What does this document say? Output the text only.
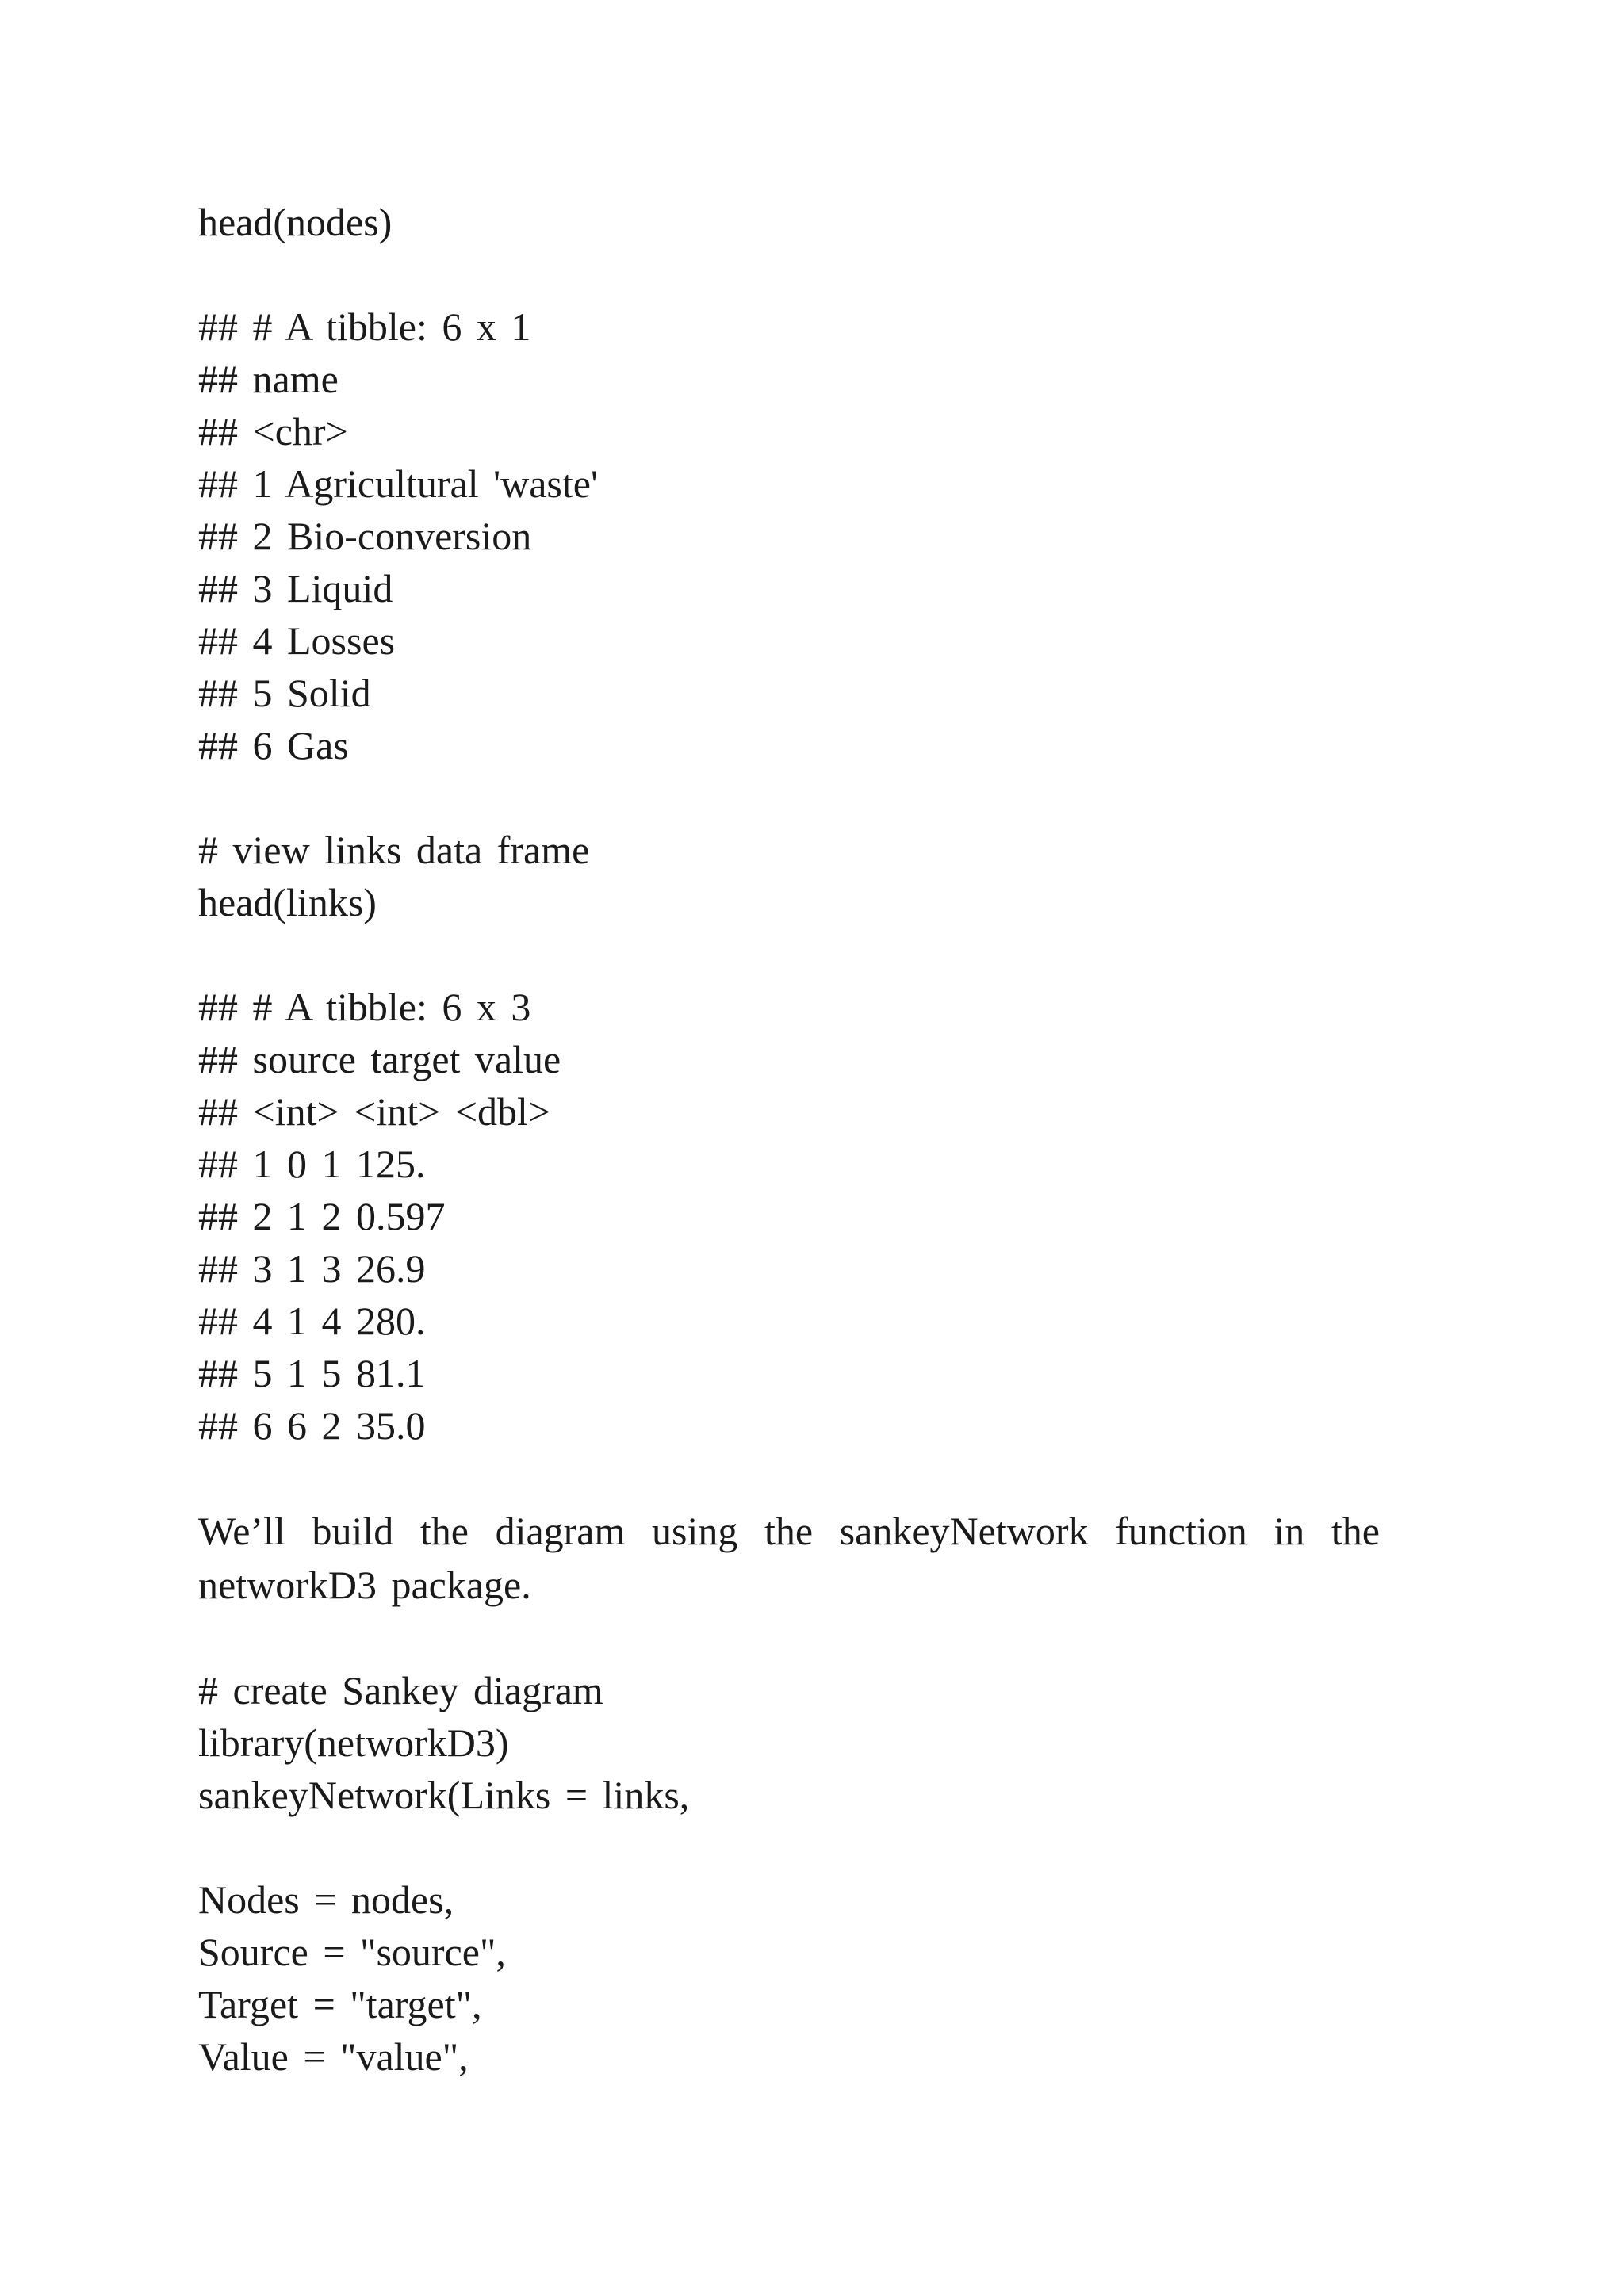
head(nodes)
## # A tibble: 6 x 1
## name
## <chr>
## 1 Agricultural 'waste'
## 2 Bio-conversion
## 3 Liquid
## 4 Losses
## 5 Solid
## 6 Gas
# view links data frame
head(links)
## # A tibble: 6 x 3
## source target value
## <int> <int> <dbl>
## 1 0 1 125.
## 2 1 2 0.597
## 3 1 3 26.9
## 4 1 4 280.
## 5 1 5 81.1
## 6 6 2 35.0
We’ll build the diagram using the sankeyNetwork function in the networkD3 package.
# create Sankey diagram
library(networkD3)
sankeyNetwork(Links = links,
Nodes = nodes,
Source = "source",
Target = "target",
Value = "value",
